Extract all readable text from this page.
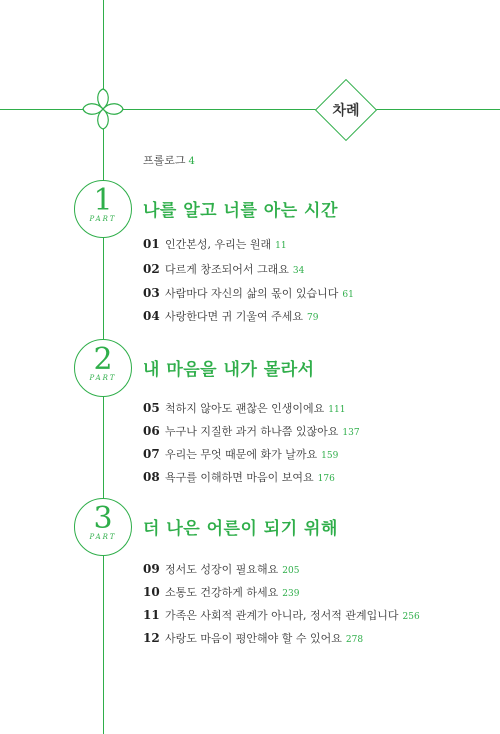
차례
프롤로그 4
1
PART	나를 알고 너를 아는 시간
01 인간본성, 우리는 원래 11
02 다르게 창조되어서 그래요 34
03 사람마다 자신의 삶의 몫이 있습니다 61
04 사랑한다면 귀 기울여 주세요 79
2
PART	내 마음을 내가 몰라서
05 척하지 않아도 괜찮은 인생이에요 111
06 누구나 지질한 과거 하나쯤 있잖아요 137
07 우리는 무엇 때문에 화가 날까요 159
08 욕구를 이해하면 마음이 보여요 176
3
PART	더 나은 어른이 되기 위해
09 정서도 성장이 필요해요 205
10 소통도 건강하게 하세요 239
11 가족은 사회적 관계가 아니라, 정서적 관계입니다 256
12 사랑도 마음이 평안해야 할 수 있어요 278
